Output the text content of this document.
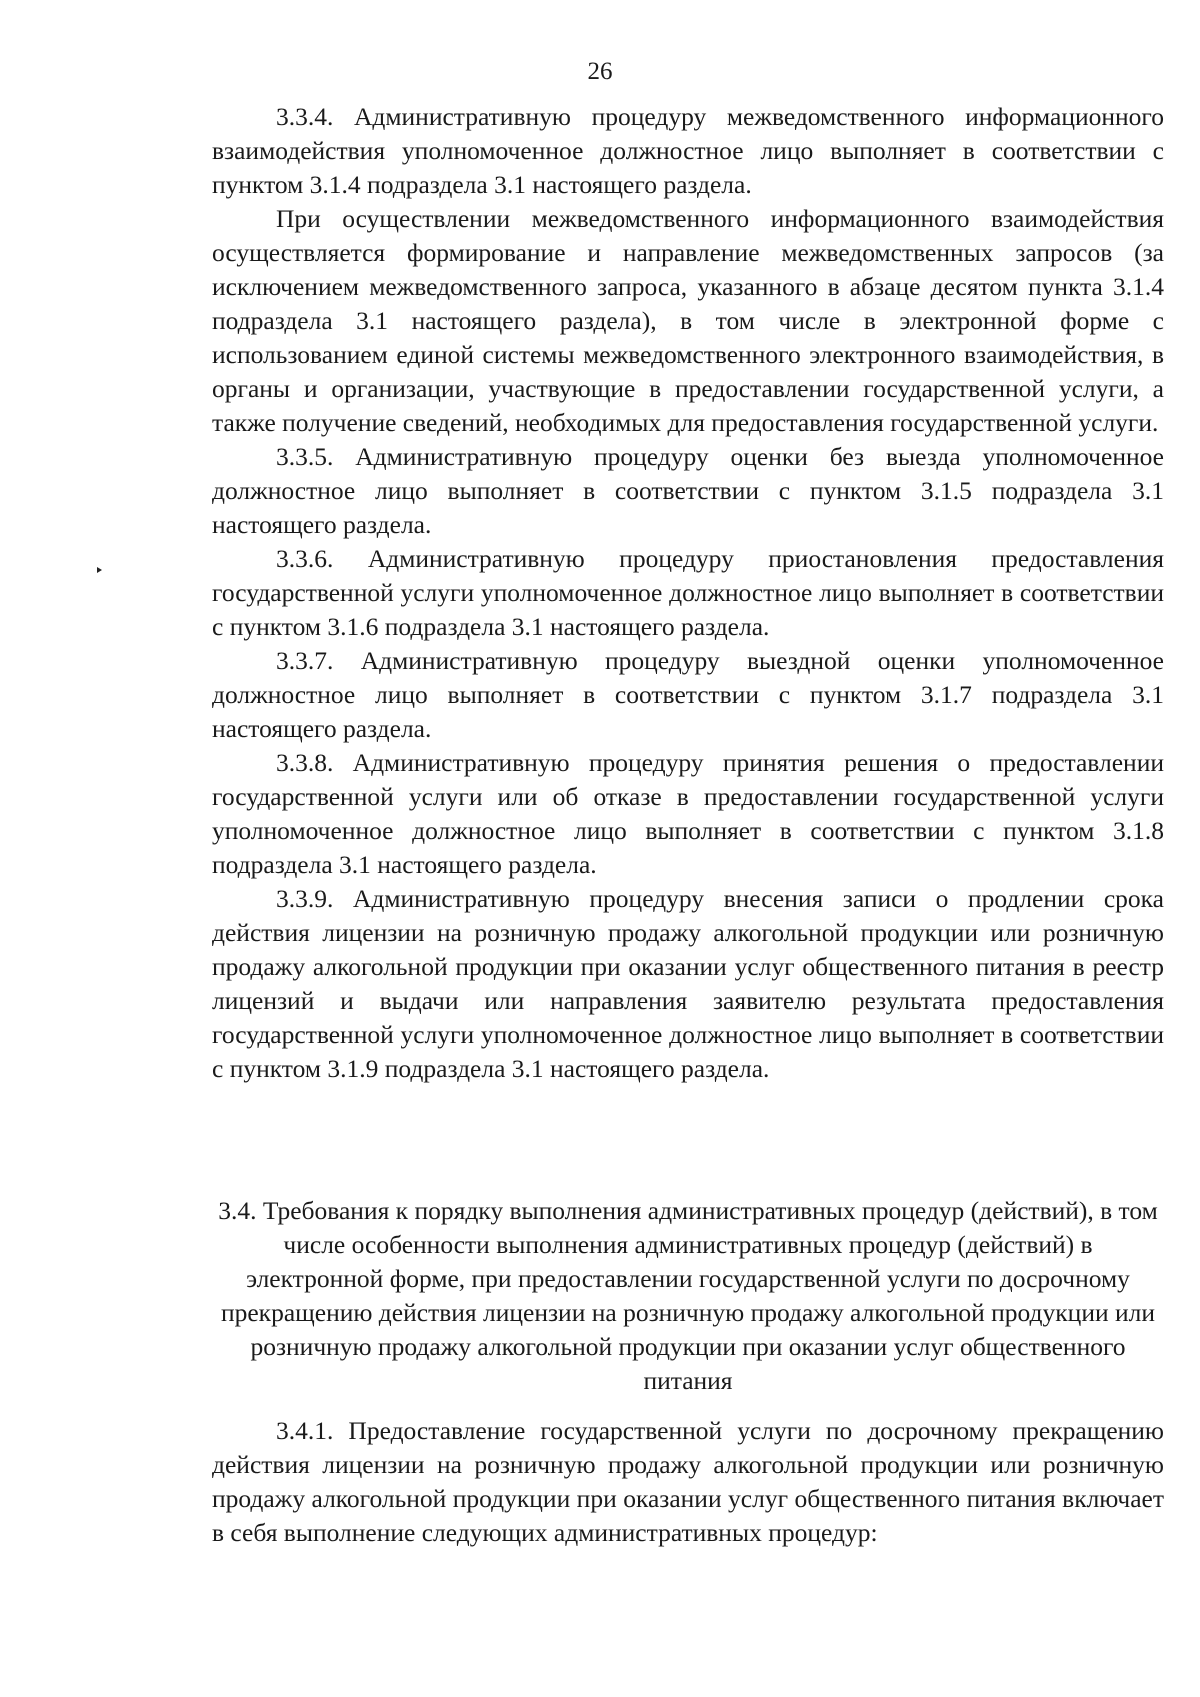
26

3.3.4. Административную процедуру межведомственного информационного взаимодействия уполномоченное должностное лицо выполняет в соответствии с пунктом 3.1.4 подраздела 3.1 настоящего раздела.

При осуществлении межведомственного информационного взаимодействия осуществляется формирование и направление межведомственных запросов (за исключением межведомственного запроса, указанного в абзаце десятом пункта 3.1.4 подраздела 3.1 настоящего раздела), в том числе в электронной форме с использованием единой системы межведомственного электронного взаимодействия, в органы и организации, участвующие в предоставлении государственной услуги, а также получение сведений, необходимых для предоставления государственной услуги.

3.3.5. Административную процедуру оценки без выезда уполномоченное должностное лицо выполняет в соответствии с пунктом 3.1.5 подраздела 3.1 настоящего раздела.

3.3.6. Административную процедуру приостановления предоставления государственной услуги уполномоченное должностное лицо выполняет в соответствии с пунктом 3.1.6 подраздела 3.1 настоящего раздела.

3.3.7. Административную процедуру выездной оценки уполномоченное должностное лицо выполняет в соответствии с пунктом 3.1.7 подраздела 3.1 настоящего раздела.

3.3.8. Административную процедуру принятия решения о предоставлении государственной услуги или об отказе в предоставлении государственной услуги уполномоченное должностное лицо выполняет в соответствии с пунктом 3.1.8 подраздела 3.1 настоящего раздела.

3.3.9. Административную процедуру внесения записи о продлении срока действия лицензии на розничную продажу алкогольной продукции или розничную продажу алкогольной продукции при оказании услуг общественного питания в реестр лицензий и выдачи или направления заявителю результата предоставления государственной услуги уполномоченное должностное лицо выполняет в соответствии с пунктом 3.1.9 подраздела 3.1 настоящего раздела.

3.4. Требования к порядку выполнения административных процедур (действий), в том числе особенности выполнения административных процедур (действий) в электронной форме, при предоставлении государственной услуги по досрочному прекращению действия лицензии на розничную продажу алкогольной продукции или розничную продажу алкогольной продукции при оказании услуг общественного питания

3.4.1. Предоставление государственной услуги по досрочному прекращению действия лицензии на розничную продажу алкогольной продукции или розничную продажу алкогольной продукции при оказании услуг общественного питания включает в себя выполнение следующих административных процедур:
